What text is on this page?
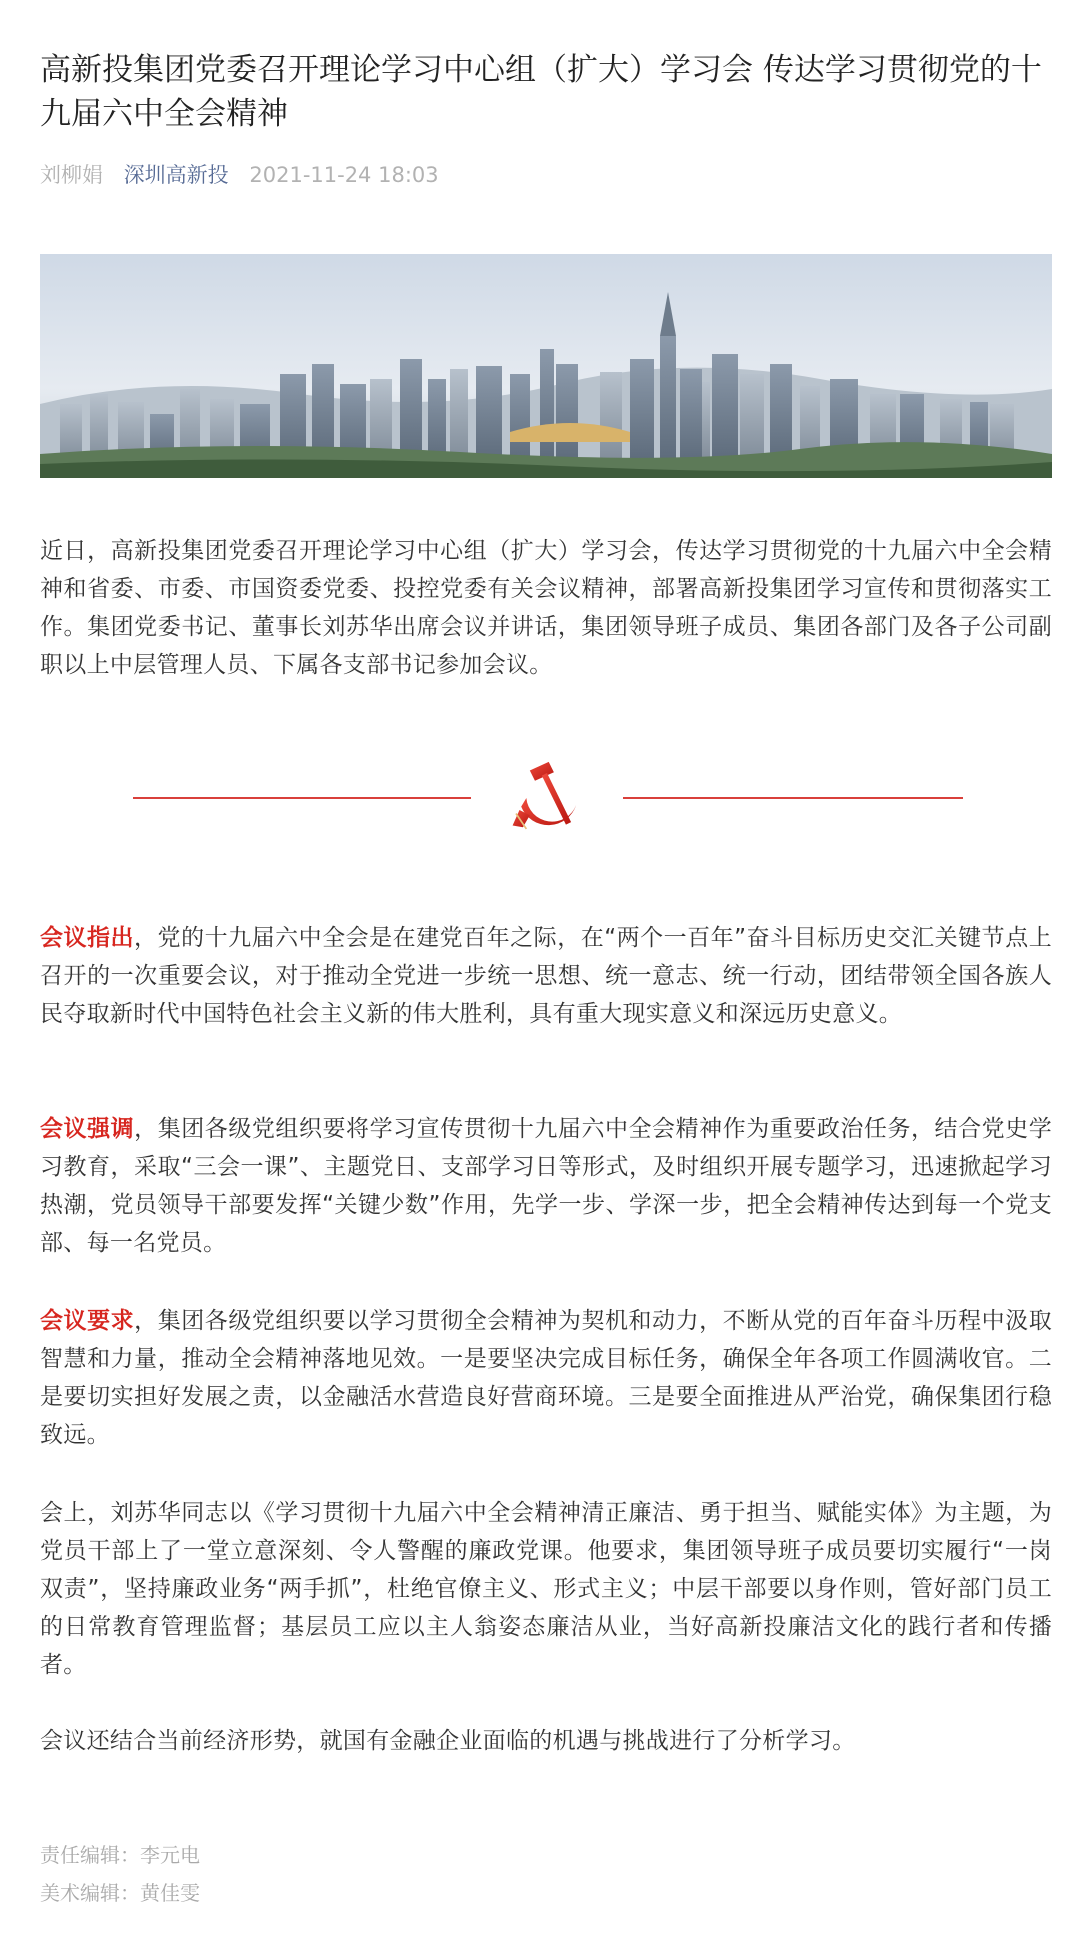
高新投集团党委召开理论学习中心组（扩大）学习会 传达学习贯彻党的十九届六中全会精神
刘柳娟 深圳高新投 2021-11-24 18:03

近日，高新投集团党委召开理论学习中心组（扩大）学习会，传达学习贯彻党的十九届六中全会精神和省委、市委、市国资委党委、投控党委有关会议精神，部署高新投集团学习宣传和贯彻落实工作。集团党委书记、董事长刘苏华出席会议并讲话，集团领导班子成员、集团各部门及各子公司副职以上中层管理人员、下属各支部书记参加会议。

会议指出，党的十九届六中全会是在建党百年之际，在“两个一百年”奋斗目标历史交汇关键节点上召开的一次重要会议，对于推动全党进一步统一思想、统一意志、统一行动，团结带领全国各族人民夺取新时代中国特色社会主义新的伟大胜利，具有重大现实意义和深远历史意义。

会议强调，集团各级党组织要将学习宣传贯彻十九届六中全会精神作为重要政治任务，结合党史学习教育，采取“三会一课”、主题党日、支部学习日等形式，及时组织开展专题学习，迅速掀起学习热潮，党员领导干部要发挥“关键少数”作用，先学一步、学深一步，把全会精神传达到每一个党支部、每一名党员。

会议要求，集团各级党组织要以学习贯彻全会精神为契机和动力，不断从党的百年奋斗历程中汲取智慧和力量，推动全会精神落地见效。一是要坚决完成目标任务，确保全年各项工作圆满收官。二是要切实担好发展之责，以金融活水营造良好营商环境。三是要全面推进从严治党，确保集团行稳致远。

会上，刘苏华同志以《学习贯彻十九届六中全会精神清正廉洁、勇于担当、赋能实体》为主题，为党员干部上了一堂立意深刻、令人警醒的廉政党课。他要求，集团领导班子成员要切实履行“一岗双责”，坚持廉政业务“两手抓”，杜绝官僚主义、形式主义；中层干部要以身作则，管好部门员工的日常教育管理监督；基层员工应以主人翁姿态廉洁从业，当好高新投廉洁文化的践行者和传播者。

会议还结合当前经济形势，就国有金融企业面临的机遇与挑战进行了分析学习。

责任编辑：李元电
美术编辑：黄佳雯
